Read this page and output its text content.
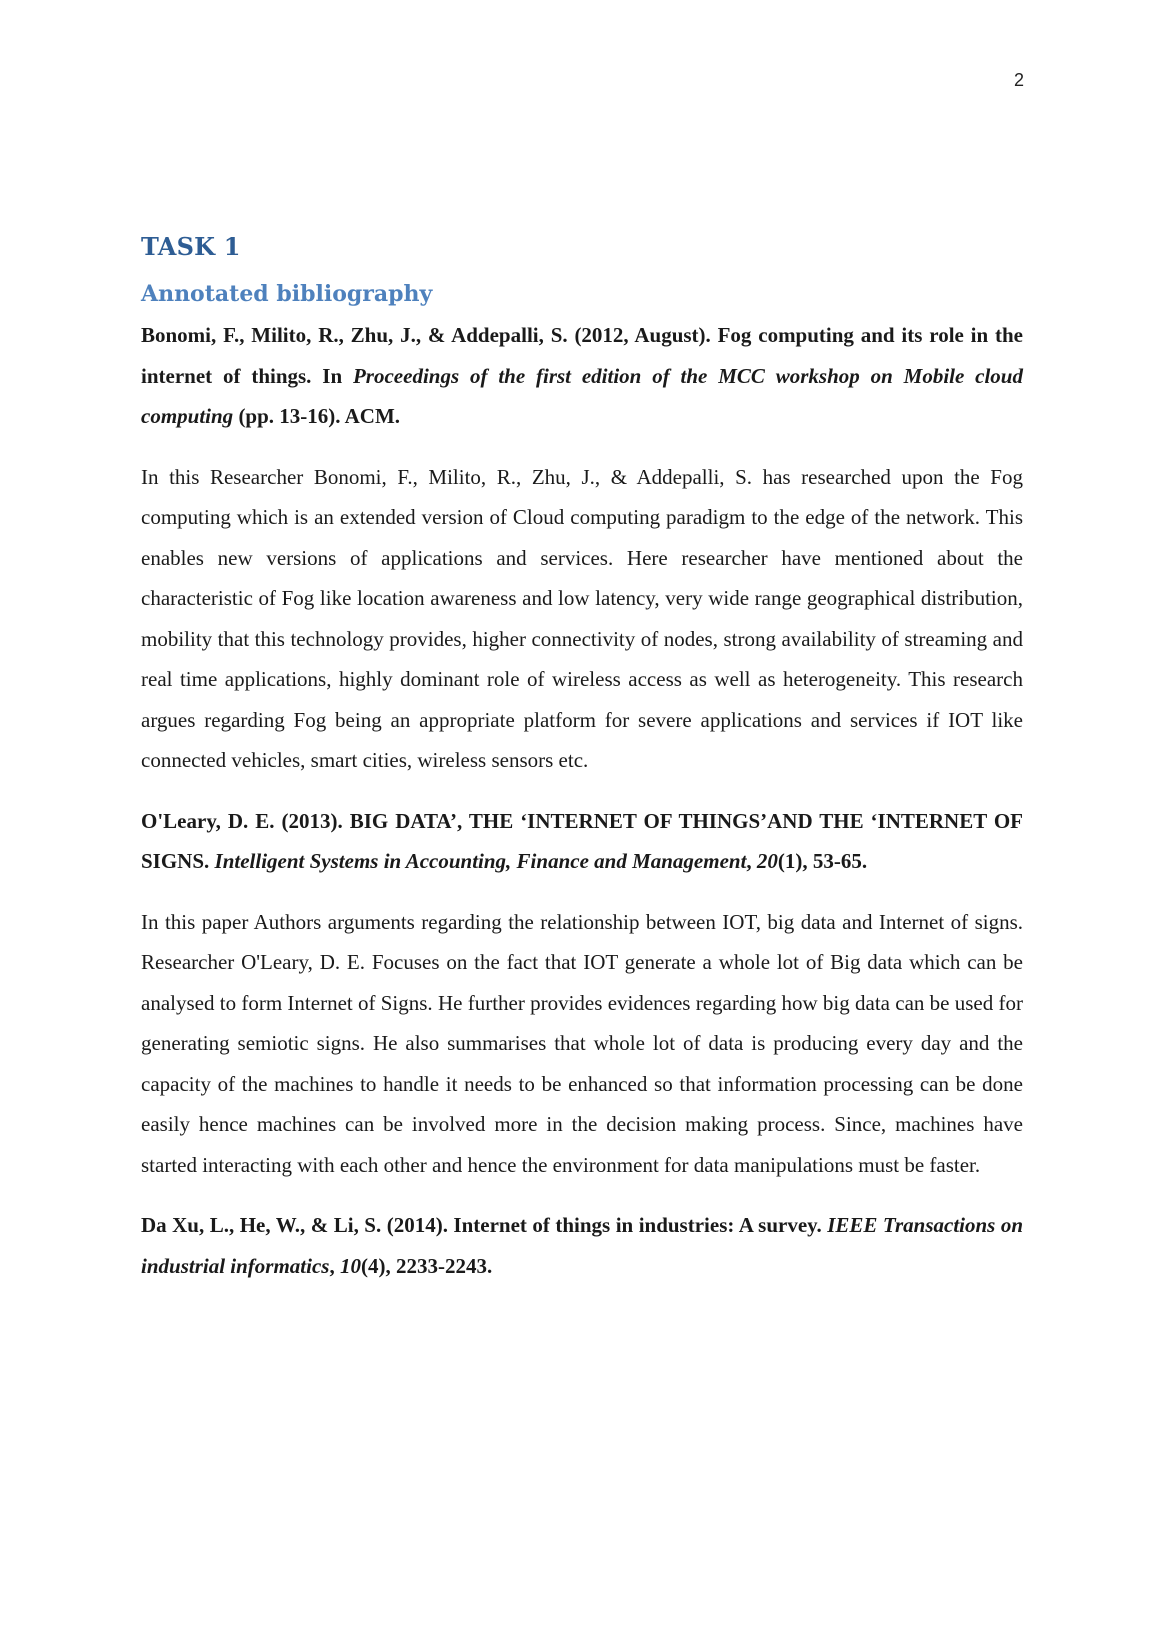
2
TASK 1
Annotated bibliography

Bonomi, F., Milito, R., Zhu, J., & Addepalli, S. (2012, August). Fog computing and its role in the internet of things. In Proceedings of the first edition of the MCC workshop on Mobile cloud computing (pp. 13-16). ACM.

In this Researcher Bonomi, F., Milito, R., Zhu, J., & Addepalli, S. has researched upon the Fog computing which is an extended version of Cloud computing paradigm to the edge of the network. This enables new versions of applications and services. Here researcher have mentioned about the characteristic of Fog like location awareness and low latency, very wide range geographical distribution, mobility that this technology provides, higher connectivity of nodes, strong availability of streaming and real time applications, highly dominant role of wireless access as well as heterogeneity. This research argues regarding Fog being an appropriate platform for severe applications and services if IOT like connected vehicles, smart cities, wireless sensors etc.

O'Leary, D. E. (2013). BIG DATA’, THE ‘INTERNET OF THINGS’AND THE ‘INTERNET OF SIGNS. Intelligent Systems in Accounting, Finance and Management, 20(1), 53-65.

In this paper Authors arguments regarding the relationship between IOT, big data and Internet of signs. Researcher O'Leary, D. E. Focuses on the fact that IOT generate a whole lot of Big data which can be analysed to form Internet of Signs. He further provides evidences regarding how big data can be used for generating semiotic signs. He also summarises that whole lot of data is producing every day and the capacity of the machines to handle it needs to be enhanced so that information processing can be done easily hence machines can be involved more in the decision making process. Since, machines have started interacting with each other and hence the environment for data manipulations must be faster.

Da Xu, L., He, W., & Li, S. (2014). Internet of things in industries: A survey. IEEE Transactions on industrial informatics, 10(4), 2233-2243.
